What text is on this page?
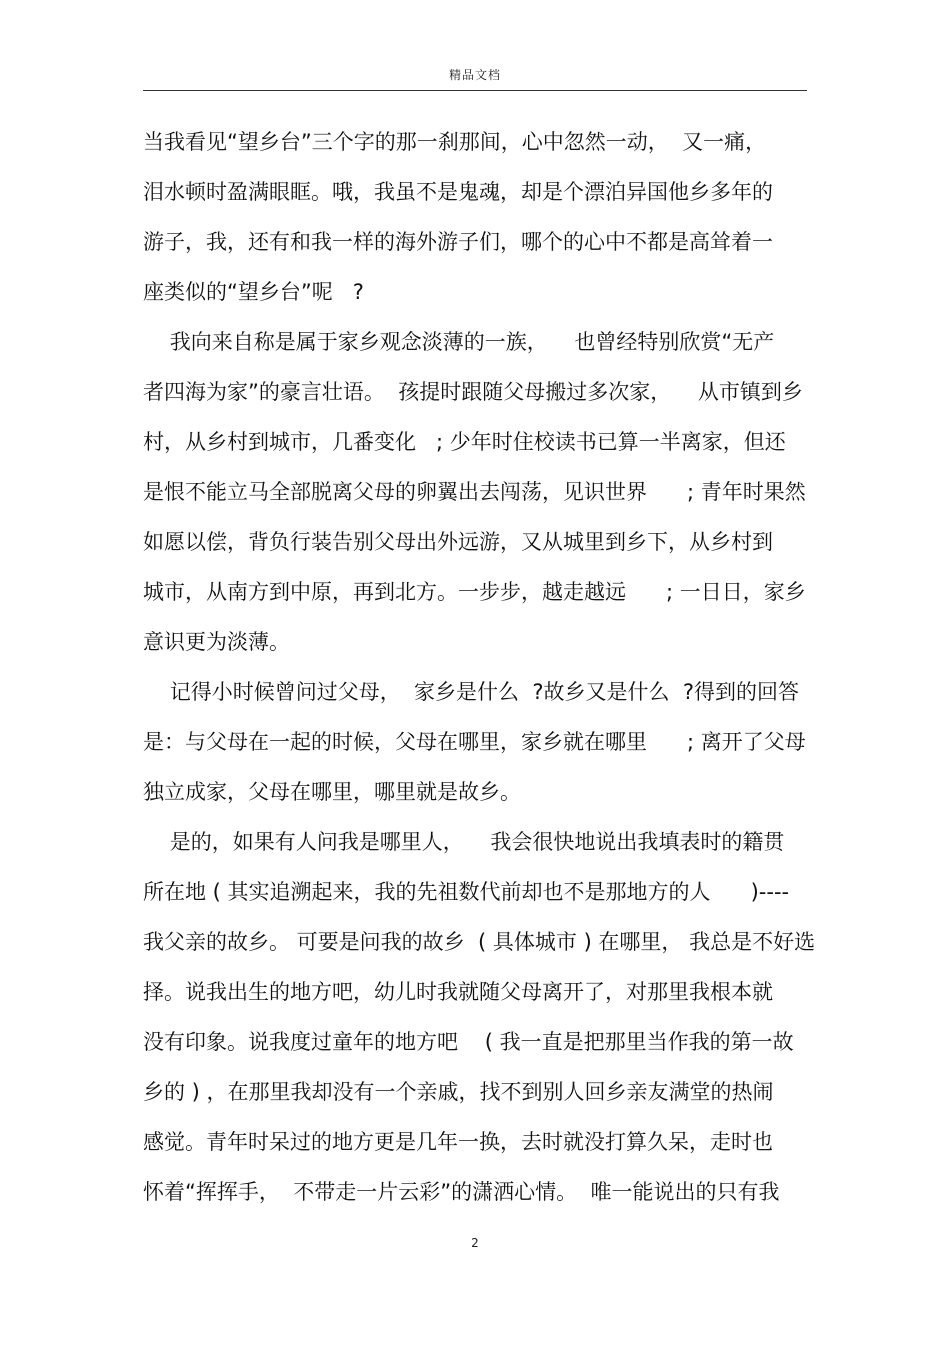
精品文档
当我看见“望乡台”三个字的那一刹那间，心中忽然一动，  又一痛，
泪水顿时盈满眼眶。哦，我虽不是鬼魂，却是个漂泊异国他乡多年的
游子，我，还有和我一样的海外游子们，哪个的心中不都是高耸着一
座类似的“望乡台”呢   ?
我向来自称是属于家乡观念淡薄的一族，    也曾经特别欣赏“无产
者四海为家”的豪言壮语。  孩提时跟随父母搬过多次家，    从市镇到乡
村，从乡村到城市，几番变化   ; 少年时住校读书已算一半离家，但还
是恨不能立马全部脱离父母的卵翼出去闯荡，见识世界      ; 青年时果然
如愿以偿，背负行装告别父母出外远游，又从城里到乡下，从乡村到
城市，从南方到中原，再到北方。一步步，越走越远      ; 一日日，家乡
意识更为淡薄。
记得小时候曾问过父母，  家乡是什么  ?故乡又是什么  ?得到的回答
是：与父母在一起的时候，父母在哪里，家乡就在哪里      ; 离开了父母
独立成家，父母在哪里，哪里就是故乡。
是的，如果有人问我是哪里人，    我会很快地说出我填表时的籍贯
所在地 ( 其实追溯起来，我的先祖数代前却也不是那地方的人      )----
我父亲的故乡。 可要是问我的故乡  ( 具体城市 ) 在哪里， 我总是不好选
择。说我出生的地方吧，幼儿时我就随父母离开了，对那里我根本就
没有印象。说我度过童年的地方吧    ( 我一直是把那里当作我的第一故
乡的 ) ，在那里我却没有一个亲戚，找不到别人回乡亲友满堂的热闹
感觉。青年时呆过的地方更是几年一换，去时就没打算久呆，走时也
怀着“挥挥手，  不带走一片云彩”的潇洒心情。  唯一能说出的只有我
2
